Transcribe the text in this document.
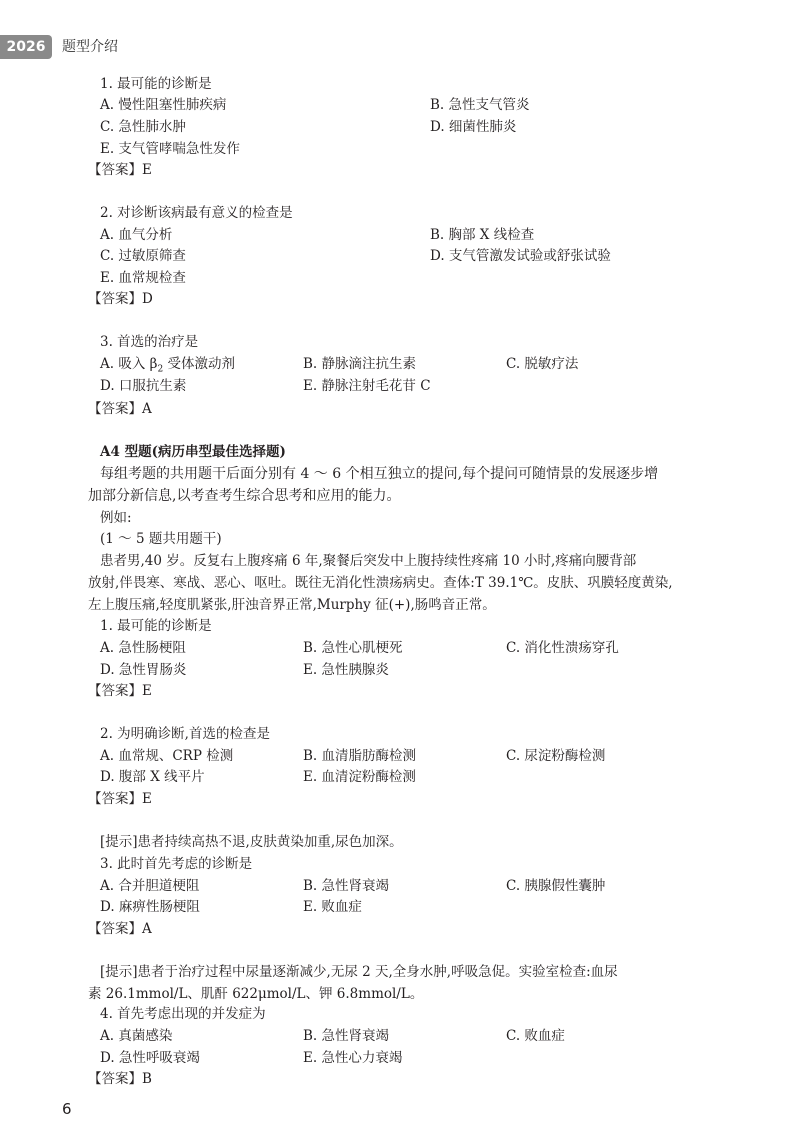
2026	题型介绍
1. 最可能的诊断是
A. 慢性阻塞性肺疾病	B. 急性支气管炎
C. 急性肺水肿	D. 细菌性肺炎
E. 支气管哮喘急性发作
【答案】E
2. 对诊断该病最有意义的检查是
A. 血气分析	B. 胸部 X 线检查
C. 过敏原筛查	D. 支气管激发试验或舒张试验
E. 血常规检查
【答案】D
3. 首选的治疗是
A. 吸入 $\beta_2$ 受体激动剂	B. 静脉滴注抗生素	C. 脱敏疗法
D. 口服抗生素	E. 静脉注射毛花苷 C
【答案】A
A4 型题(病历串型最佳选择题)
每组考题的共用题干后面分别有 4 ～ 6 个相互独立的提问,每个提问可随情景的发展逐步增
加部分新信息,以考查考生综合思考和应用的能力。
例如:
(1 ～ 5 题共用题干)
患者男,40 岁。反复右上腹疼痛 6 年,聚餐后突发中上腹持续性疼痛 10 小时,疼痛向腰背部
放射,伴畏寒、寒战、恶心、呕吐。既往无消化性溃疡病史。查体:T 39.1℃。皮肤、巩膜轻度黄染,
左上腹压痛,轻度肌紧张,肝浊音界正常,Murphy 征(+),肠鸣音正常。
1. 最可能的诊断是
A. 急性肠梗阻	B. 急性心肌梗死	C. 消化性溃疡穿孔
D. 急性胃肠炎	E. 急性胰腺炎
【答案】E
2. 为明确诊断,首选的检查是
A. 血常规、CRP 检测	B. 血清脂肪酶检测	C. 尿淀粉酶检测
D. 腹部 X 线平片	E. 血清淀粉酶检测
【答案】E
[提示]患者持续高热不退,皮肤黄染加重,尿色加深。
3. 此时首先考虑的诊断是
A. 合并胆道梗阻	B. 急性肾衰竭	C. 胰腺假性囊肿
D. 麻痹性肠梗阻	E. 败血症
【答案】A
[提示]患者于治疗过程中尿量逐渐减少,无尿 2 天,全身水肿,呼吸急促。实验室检查:血尿
素 26.1mmol/L、肌酐 622μmol/L、钾 6.8mmol/L。
4. 首先考虑出现的并发症为
A. 真菌感染	B. 急性肾衰竭	C. 败血症
D. 急性呼吸衰竭	E. 急性心力衰竭
【答案】B
6
